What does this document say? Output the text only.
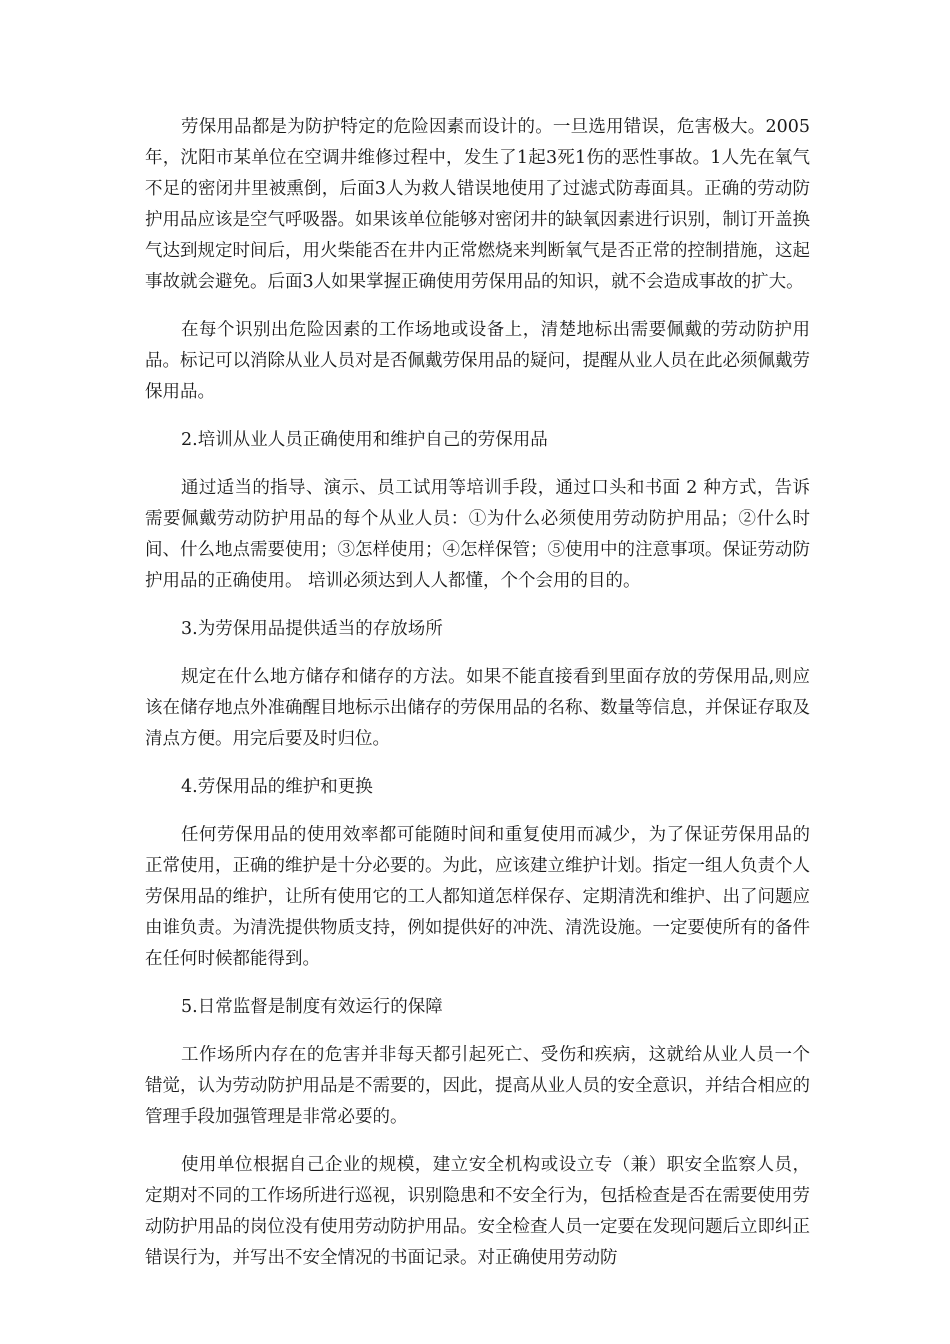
劳保用品都是为防护特定的危险因素而设计的。一旦选用错误，危害极大。2005年，沈阳市某单位在空调井维修过程中，发生了1起3死1伤的恶性事故。1人先在氧气不足的密闭井里被熏倒，后面3人为救人错误地使用了过滤式防毒面具。正确的劳动防护用品应该是空气呼吸器。如果该单位能够对密闭井的缺氧因素进行识别，制订开盖换气达到规定时间后，用火柴能否在井内正常燃烧来判断氧气是否正常的控制措施，这起事故就会避免。后面3人如果掌握正确使用劳保用品的知识，就不会造成事故的扩大。

在每个识别出危险因素的工作场地或设备上，清楚地标出需要佩戴的劳动防护用品。标记可以消除从业人员对是否佩戴劳保用品的疑问，提醒从业人员在此必须佩戴劳保用品。

2.培训从业人员正确使用和维护自己的劳保用品

通过适当的指导、演示、员工试用等培训手段，通过口头和书面 2 种方式，告诉需要佩戴劳动防护用品的每个从业人员：①为什么必须使用劳动防护用品；②什么时间、什么地点需要使用；③怎样使用；④怎样保管；⑤使用中的注意事项。保证劳动防护用品的正确使用。 培训必须达到人人都懂，个个会用的目的。

3.为劳保用品提供适当的存放场所

规定在什么地方储存和储存的方法。如果不能直接看到里面存放的劳保用品,则应该在储存地点外准确醒目地标示出储存的劳保用品的名称、数量等信息，并保证存取及清点方便。用完后要及时归位。

4.劳保用品的维护和更换

任何劳保用品的使用效率都可能随时间和重复使用而减少，为了保证劳保用品的正常使用，正确的维护是十分必要的。为此，应该建立维护计划。指定一组人负责个人劳保用品的维护，让所有使用它的工人都知道怎样保存、定期清洗和维护、出了问题应由谁负责。为清洗提供物质支持，例如提供好的冲洗、清洗设施。一定要使所有的备件在任何时候都能得到。

5.日常监督是制度有效运行的保障

工作场所内存在的危害并非每天都引起死亡、受伤和疾病，这就给从业人员一个错觉，认为劳动防护用品是不需要的，因此，提高从业人员的安全意识，并结合相应的管理手段加强管理是非常必要的。

使用单位根据自己企业的规模，建立安全机构或设立专（兼）职安全监察人员，定期对不同的工作场所进行巡视，识别隐患和不安全行为，包括检查是否在需要使用劳动防护用品的岗位没有使用劳动防护用品。安全检查人员一定要在发现问题后立即纠正错误行为，并写出不安全情况的书面记录。对正确使用劳动防
